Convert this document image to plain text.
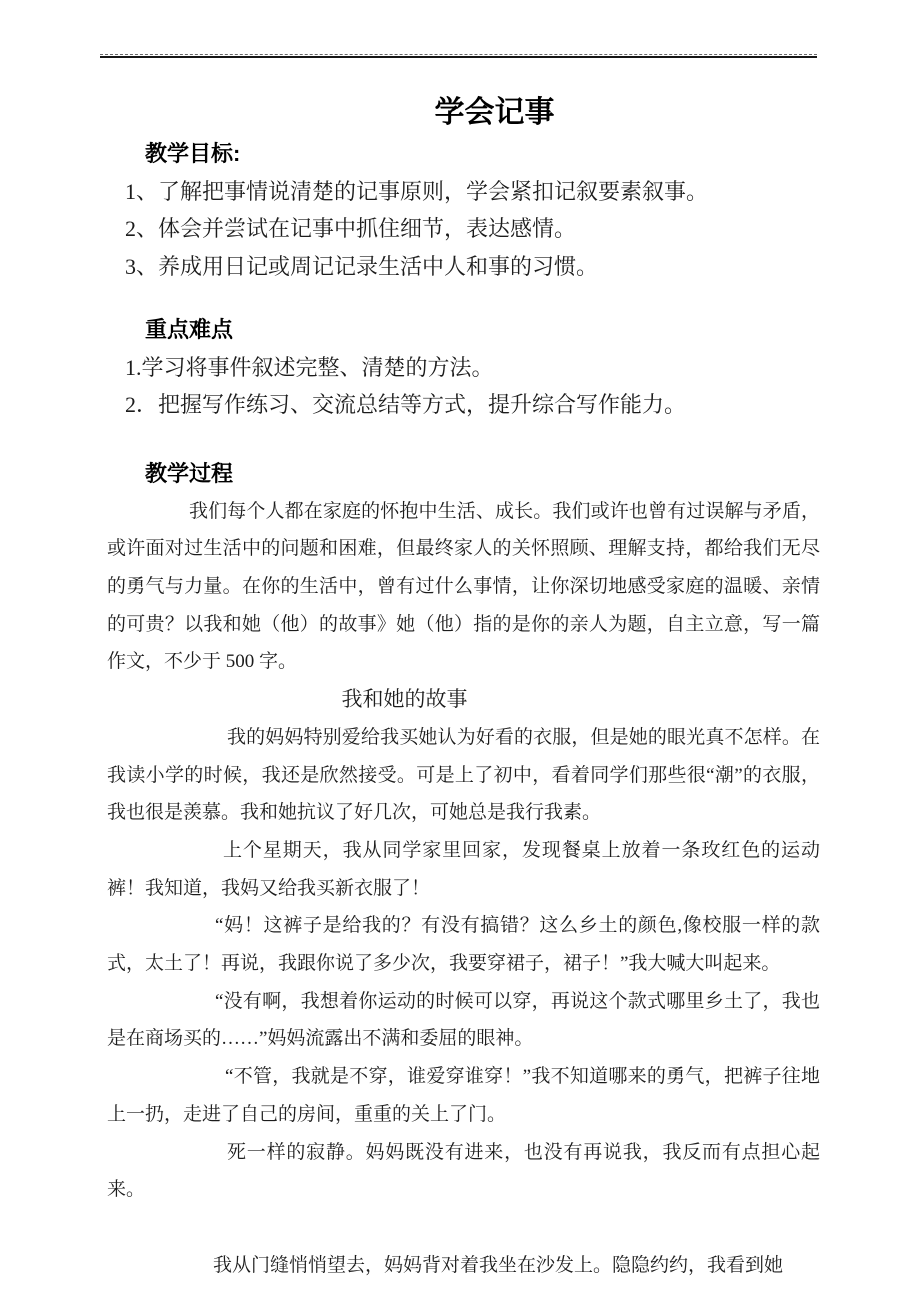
学会记事
教学目标:

1、了解把事情说清楚的记事原则，学会紧扣记叙要素叙事。

2、体会并尝试在记事中抓住细节，表达感情。

3、养成用日记或周记记录生活中人和事的习惯。

重点难点

1.学习将事件叙述完整、清楚的方法。

2．把握写作练习、交流总结等方式，提升综合写作能力。

教学过程

我们每个人都在家庭的怀抱中生活、成长。我们或许也曾有过误解与矛盾，或许面对过生活中的问题和困难，但最终家人的关怀照顾、理解支持，都给我们无尽的勇气与力量。在你的生活中，曾有过什么事情，让你深切地感受家庭的温暖、亲情的可贵？以我和她（他）的故事》她（他）指的是你的亲人为题，自主立意，写一篇作文，不少于 500 字。

我和她的故事

我的妈妈特别爱给我买她认为好看的衣服，但是她的眼光真不怎样。在我读小学的时候，我还是欣然接受。可是上了初中，看着同学们那些很“潮”的衣服，我也很是羡慕。我和她抗议了好几次，可她总是我行我素。

上个星期天，我从同学家里回家，发现餐桌上放着一条玫红色的运动裤！我知道，我妈又给我买新衣服了！

“妈！这裤子是给我的？有没有搞错？这么乡土的颜色,像校服一样的款式，太土了！再说，我跟你说了多少次，我要穿裙子，裙子！”我大喊大叫起来。

“没有啊，我想着你运动的时候可以穿，再说这个款式哪里乡土了，我也是在商场买的……”妈妈流露出不满和委屈的眼神。

“不管，我就是不穿，谁爱穿谁穿！”我不知道哪来的勇气，把裤子往地上一扔，走进了自己的房间，重重的关上了门。

死一样的寂静。妈妈既没有进来，也没有再说我，我反而有点担心起来。

我从门缝悄悄望去，妈妈背对着我坐在沙发上。隐隐约约，我看到她
